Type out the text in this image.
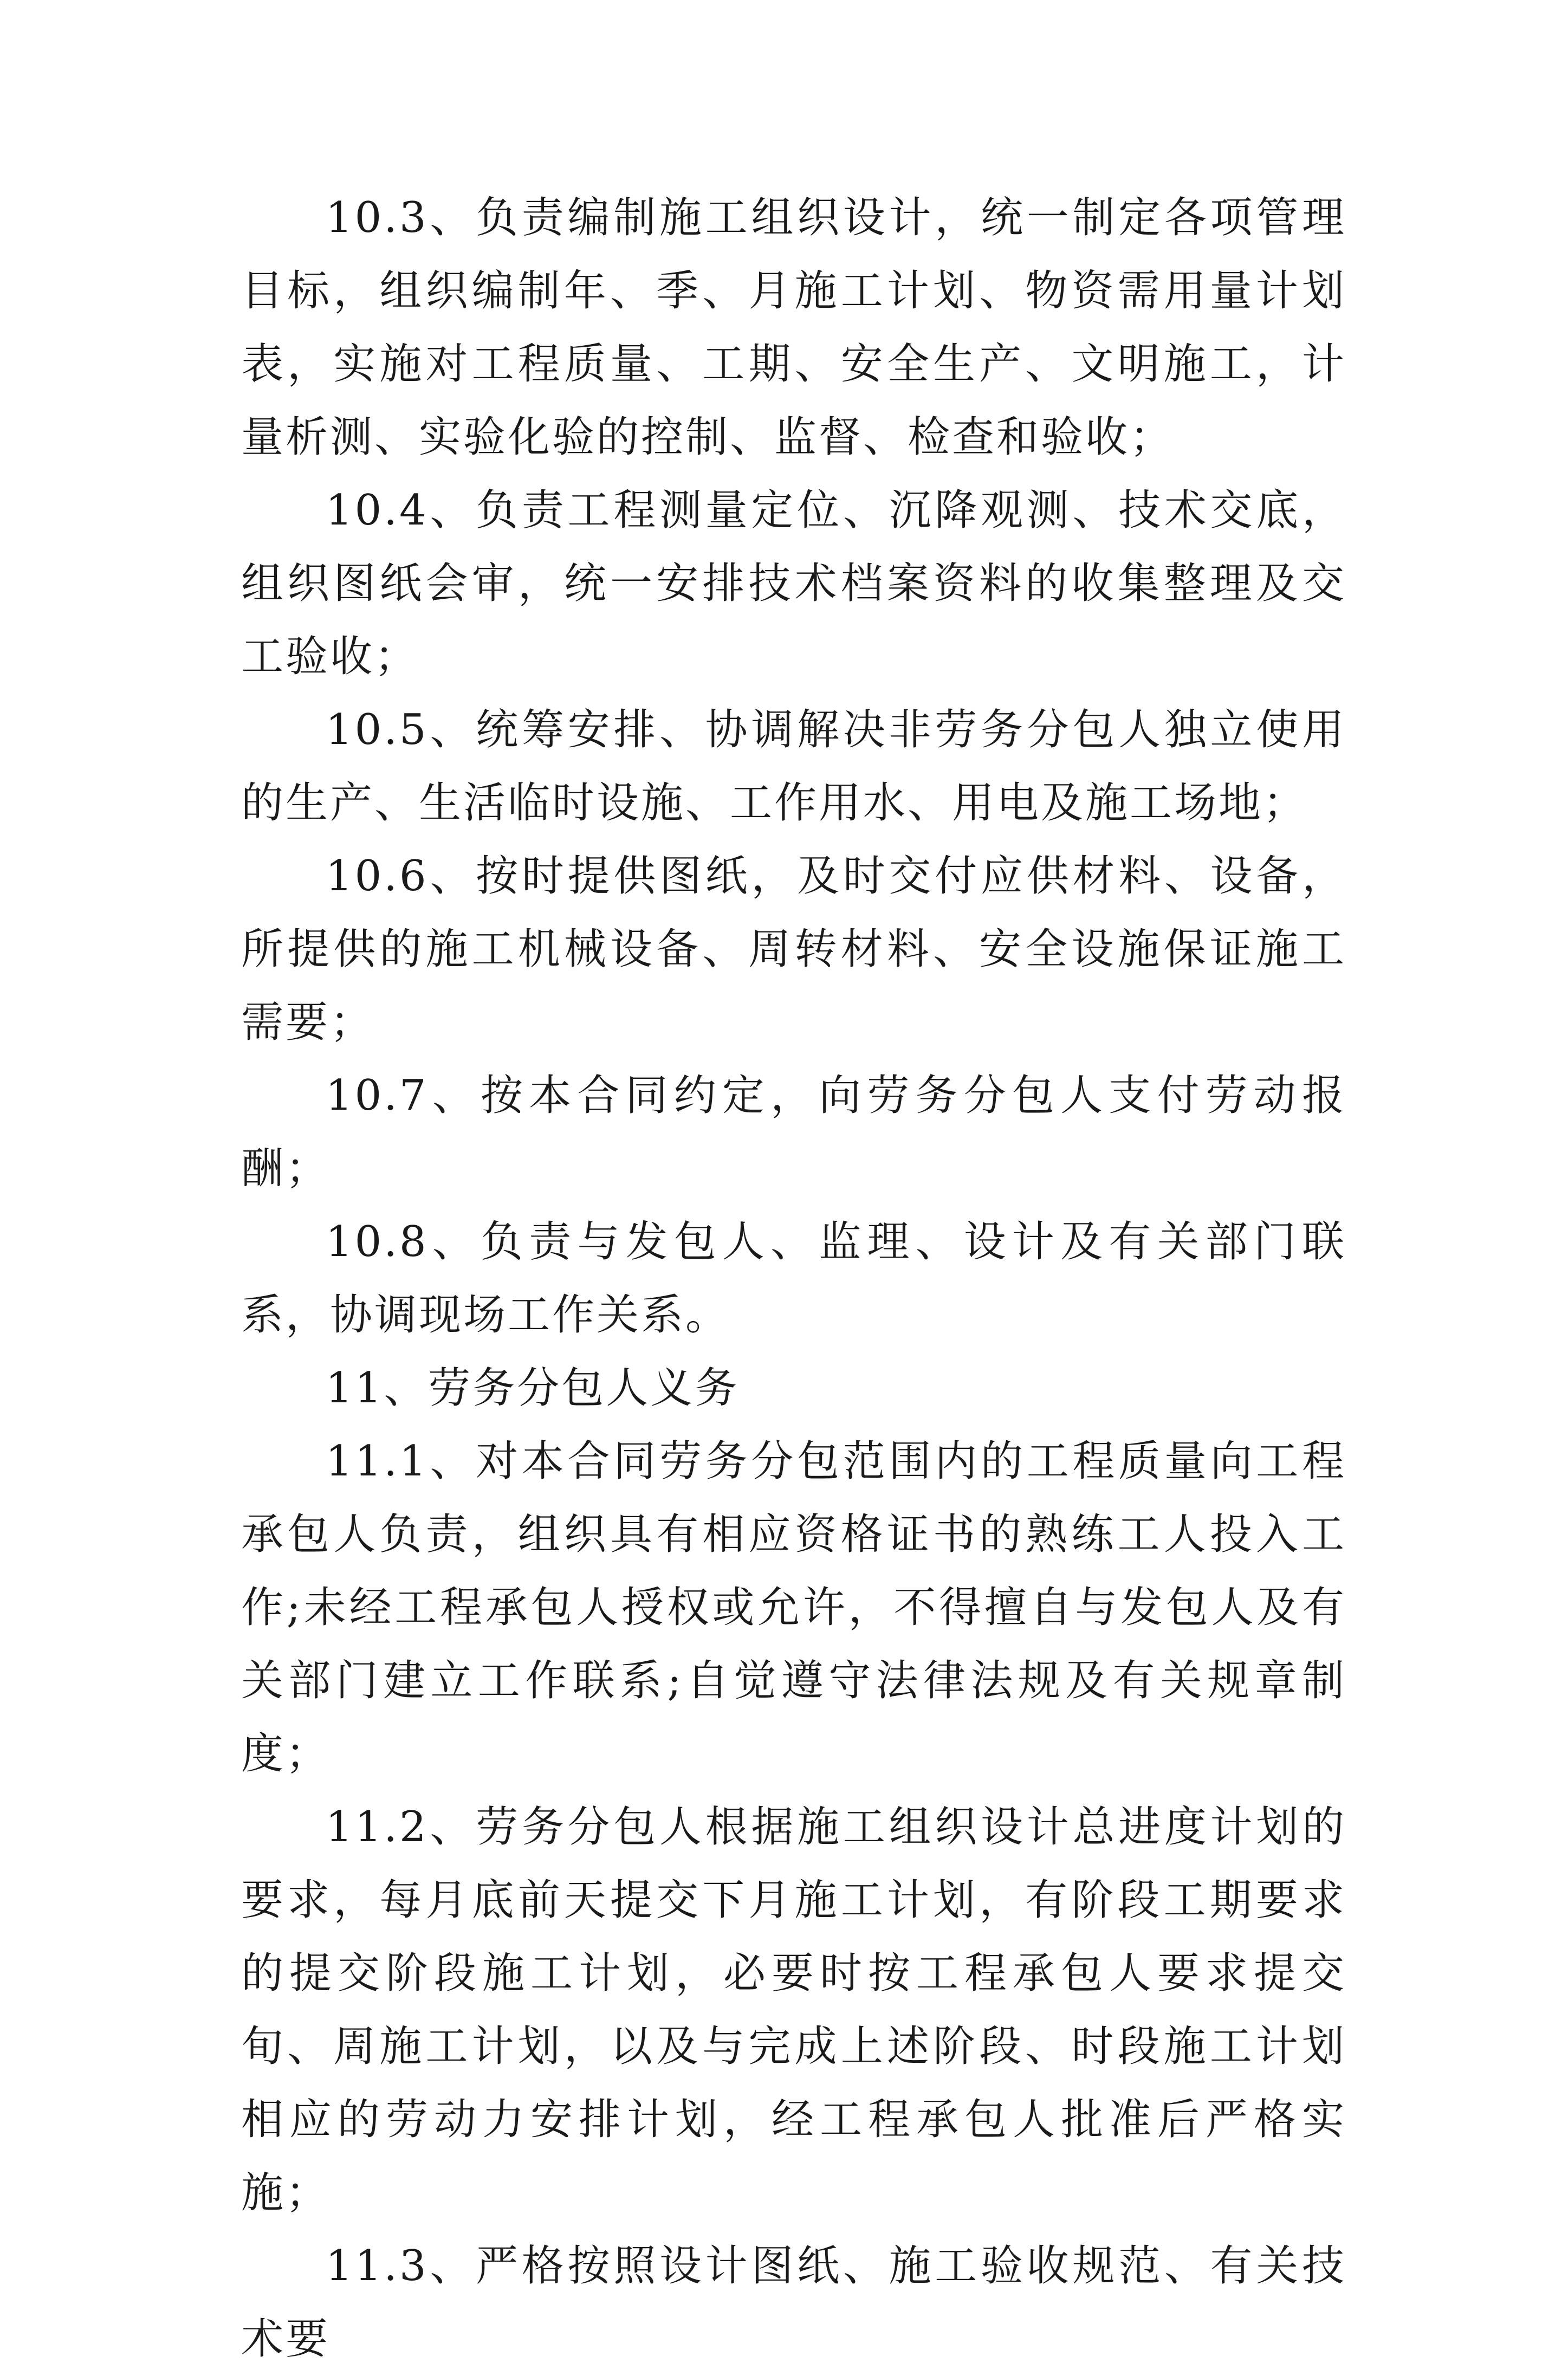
10.3、负责编制施工组织设计，统一制定各项管理目标，组织编制年、季、月施工计划、物资需用量计划表，实施对工程质量、工期、安全生产、文明施工，计量析测、实验化验的控制、监督、检查和验收；

10.4、负责工程测量定位、沉降观测、技术交底，组织图纸会审，统一安排技术档案资料的收集整理及交工验收；

10.5、统筹安排、协调解决非劳务分包人独立使用的生产、生活临时设施、工作用水、用电及施工场地；

10.6、按时提供图纸，及时交付应供材料、设备，所提供的施工机械设备、周转材料、安全设施保证施工需要；

10.7、按本合同约定，向劳务分包人支付劳动报酬；

10.8、负责与发包人、监理、设计及有关部门联系，协调现场工作关系。

11、劳务分包人义务

11.1、对本合同劳务分包范围内的工程质量向工程承包人负责，组织具有相应资格证书的熟练工人投入工作;未经工程承包人授权或允许，不得擅自与发包人及有关部门建立工作联系;自觉遵守法律法规及有关规章制度；

11.2、劳务分包人根据施工组织设计总进度计划的要求，每月底前天提交下月施工计划，有阶段工期要求的提交阶段施工计划，必要时按工程承包人要求提交旬、周施工计划，以及与完成上述阶段、时段施工计划相应的劳动力安排计划，经工程承包人批准后严格实施；

11.3、严格按照设计图纸、施工验收规范、有关技术要
